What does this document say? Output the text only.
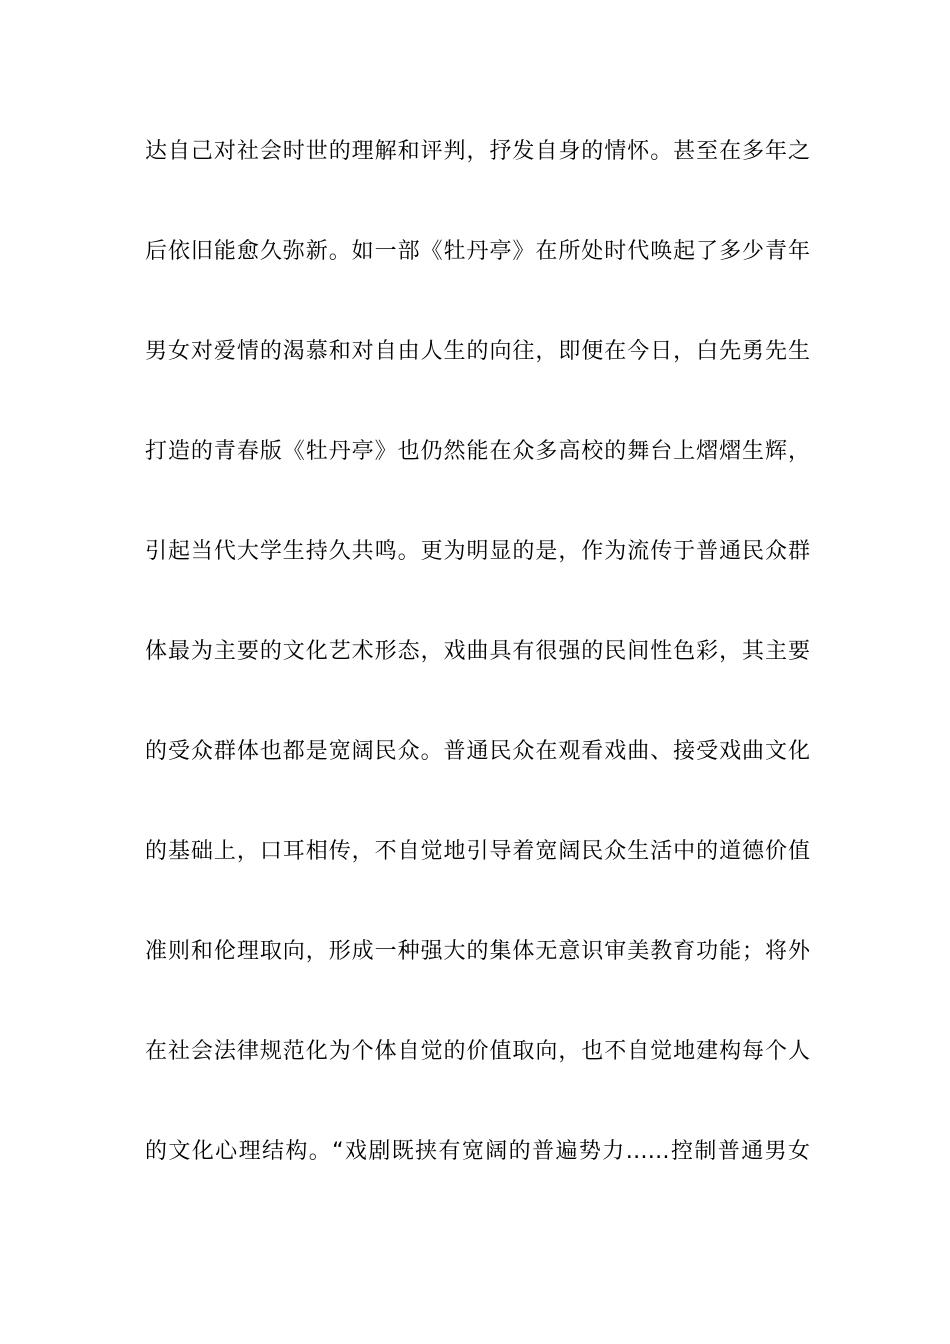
达自己对社会时世的理解和评判，抒发自身的情怀。甚至在多年之
后依旧能愈久弥新。如一部《牡丹亭》在所处时代唤起了多少青年
男女对爱情的渴慕和对自由人生的向往，即便在今日，白先勇先生
打造的青春版《牡丹亭》也仍然能在众多高校的舞台上熠熠生辉，
引起当代大学生持久共鸣。更为明显的是，作为流传于普通民众群
体最为主要的文化艺术形态，戏曲具有很强的民间性色彩，其主要
的受众群体也都是宽阔民众。普通民众在观看戏曲、接受戏曲文化
的基础上，口耳相传，不自觉地引导着宽阔民众生活中的道德价值
准则和伦理取向，形成一种强大的集体无意识审美教育功能；将外
在社会法律规范化为个体自觉的价值取向，也不自觉地建构每个人
的文化心理结构。“戏剧既挟有宽阔的普遍势力……控制普通男女
